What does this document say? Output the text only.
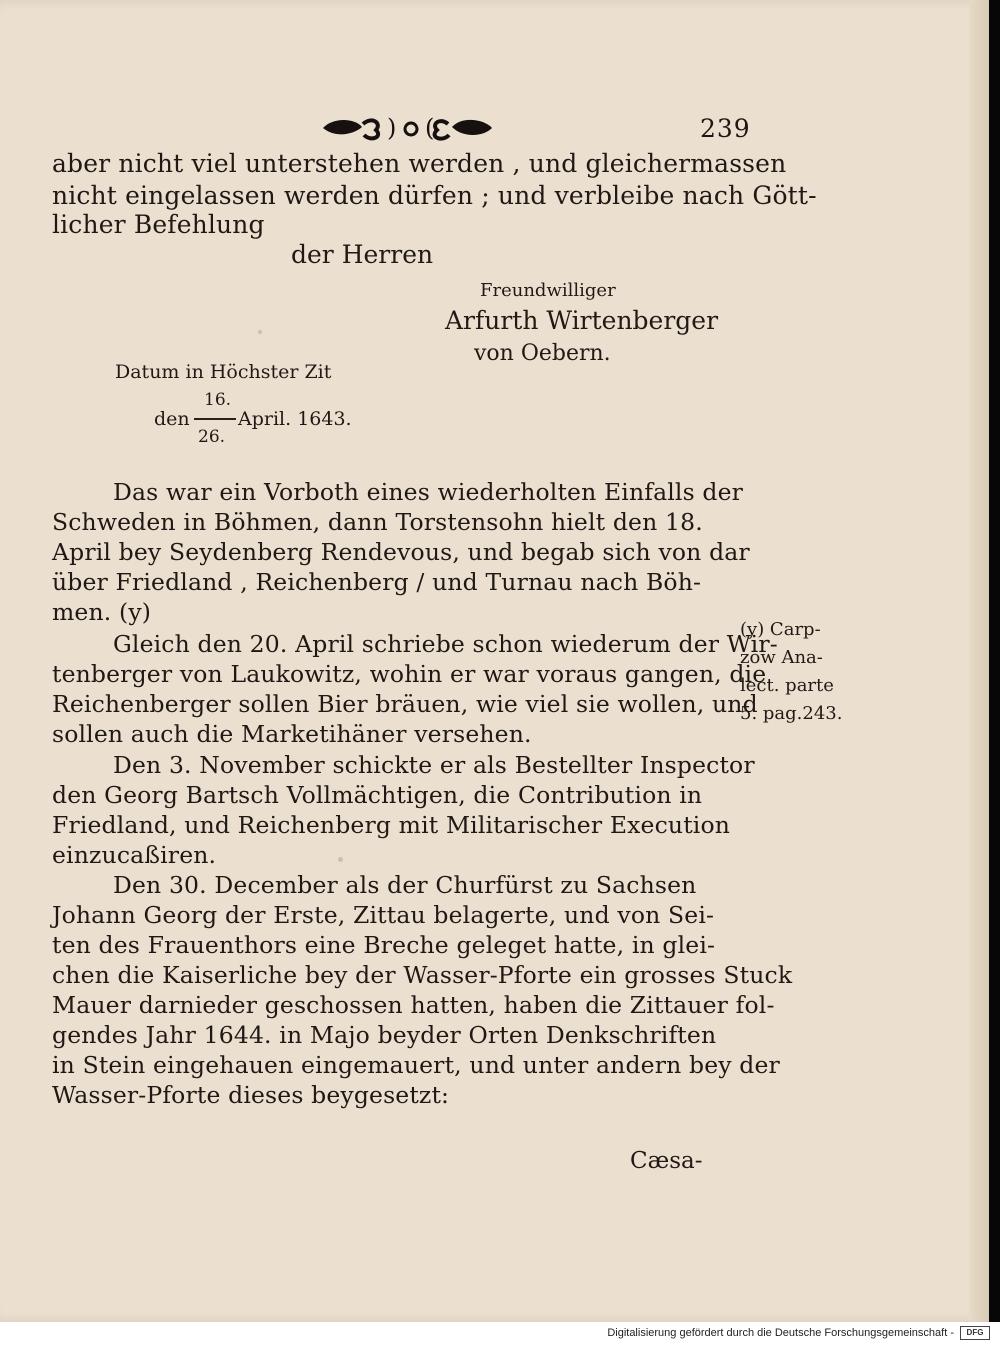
) (	239
aber nicht viel unterstehen werden , und gleichermassen
nicht eingelassen werden dürfen ; und verbleibe nach Gött-
licher Befehlung
der Herren
Freundwilliger
Arfurth Wirtenberger
von Oebern.
Datum in Höchster Zit
16.
den	April. 1643.
26.
Das war ein Vorboth eines wiederholten Einfalls der
Schweden in Böhmen, dann Torstensohn hielt den 18.
April bey Seydenberg Rendevous, und begab sich von dar
über Friedland , Reichenberg / und Turnau nach Böh-
men. (y)
Gleich den 20. April schriebe schon wiederum der Wir-
tenberger von Laukowitz, wohin er war voraus gangen, die
Reichenberger sollen Bier bräuen, wie viel sie wollen, und
sollen auch die Marketihäner versehen.
Den 3. November schickte er als Bestellter Inspector
den Georg Bartsch Vollmächtigen, die Contribution in
Friedland, und Reichenberg mit Militarischer Execution
einzucaßiren.
Den 30. December als der Churfürst zu Sachsen
Johann Georg der Erste, Zittau belagerte, und von Sei-
ten des Frauenthors eine Breche geleget hatte, in glei-
chen die Kaiserliche bey der Wasser-Pforte ein grosses Stuck
Mauer darnieder geschossen hatten, haben die Zittauer fol-
gendes Jahr 1644. in Majo beyder Orten Denkschriften
in Stein eingehauen eingemauert, und unter andern bey der
Wasser-Pforte dieses beygesetzt:
(y) Carp-
zow Ana-
lect. parte
5. pag.243.
Cæsa-
Digitalisierung gefördert durch die Deutsche Forschungsgemeinschaft -	DFG
